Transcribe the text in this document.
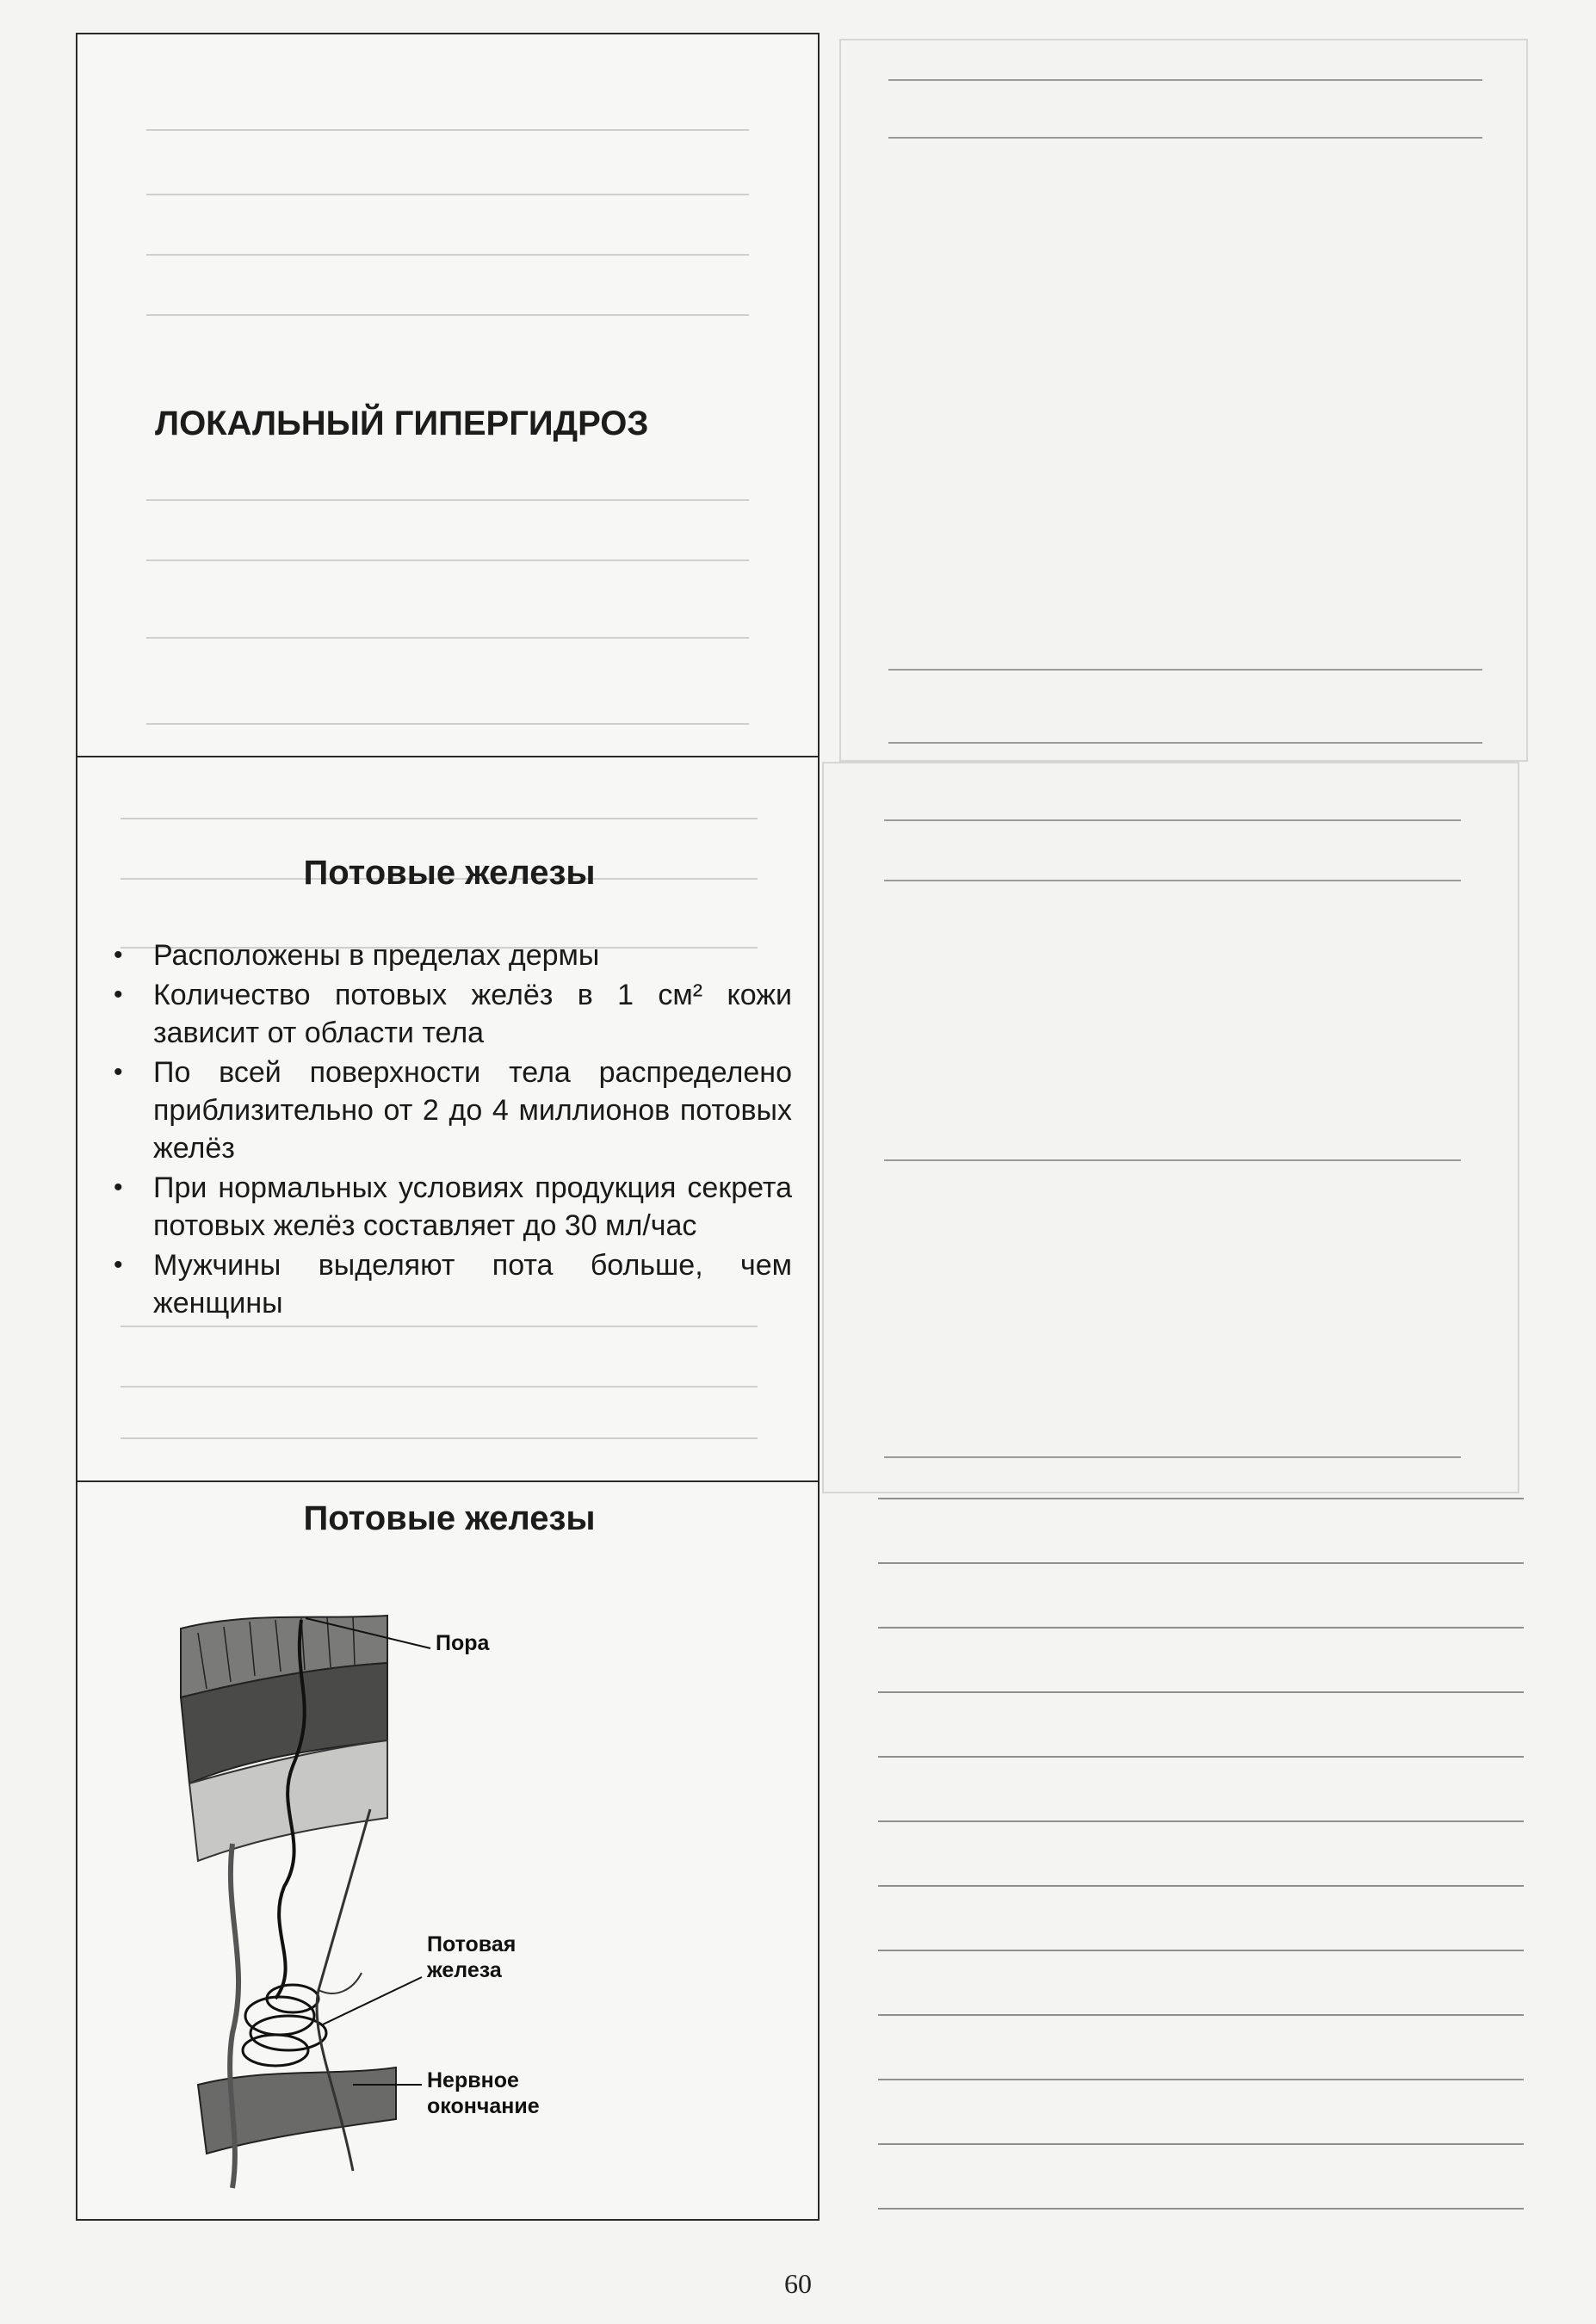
ЛОКАЛЬНЫЙ ГИПЕРГИДРОЗ
Потовые железы
• Расположены в пределах дермы
• Количество потовых желёз в 1 см² кожи зависит от области тела
• По всей поверхности тела распределено приблизительно от 2 до 4 миллионов потовых желёз
• При нормальных условиях продукция секрета потовых желёз составляет до 30 мл/час
• Мужчины выделяют пота больше, чем женщины

Потовые железы
Пора
Потовая железа
Нервное окончание
60
